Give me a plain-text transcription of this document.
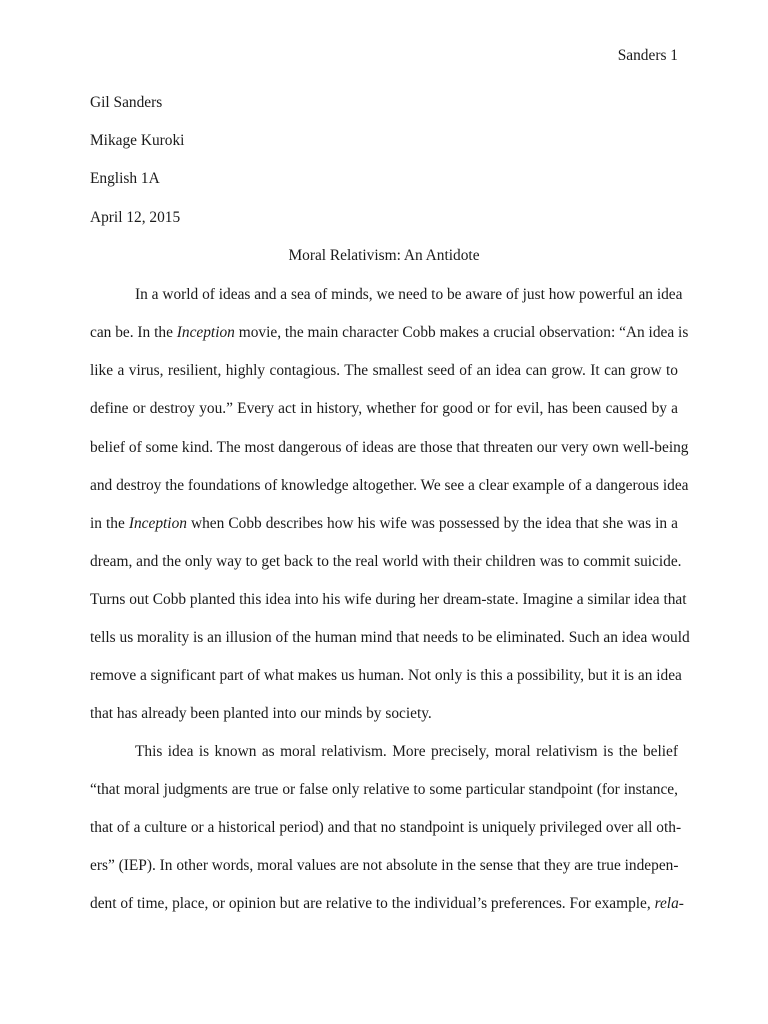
Sanders 1
Gil Sanders
Mikage Kuroki
English 1A
April 12, 2015
Moral Relativism: An Antidote
In a world of ideas and a sea of minds, we need to be aware of just how powerful an idea
can be. In the Inception movie, the main character Cobb makes a crucial observation: “An idea is
like a virus, resilient, highly contagious. The smallest seed of an idea can grow. It can grow to
define or destroy you.” Every act in history, whether for good or for evil, has been caused by a
belief of some kind. The most dangerous of ideas are those that threaten our very own well-being
and destroy the foundations of knowledge altogether. We see a clear example of a dangerous idea
in the Inception when Cobb describes how his wife was possessed by the idea that she was in a
dream, and the only way to get back to the real world with their children was to commit suicide.
Turns out Cobb planted this idea into his wife during her dream-state. Imagine a similar idea that
tells us morality is an illusion of the human mind that needs to be eliminated. Such an idea would
remove a significant part of what makes us human. Not only is this a possibility, but it is an idea
that has already been planted into our minds by society.
This idea is known as moral relativism. More precisely, moral relativism is the belief
“that moral judgments are true or false only relative to some particular standpoint (for instance,
that of a culture or a historical period) and that no standpoint is uniquely privileged over all oth-
ers” (IEP). In other words, moral values are not absolute in the sense that they are true indepen-
dent of time, place, or opinion but are relative to the individual’s preferences. For example, rela-
